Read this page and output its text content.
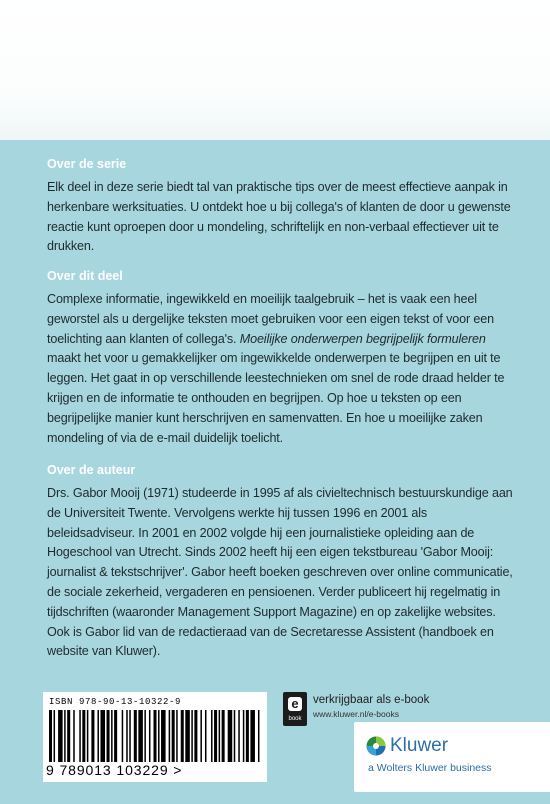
Over de serie

Elk deel in deze serie biedt tal van praktische tips over de meest effectieve aanpak in herkenbare werksituaties. U ontdekt hoe u bij collega's of klanten de door u gewenste reactie kunt oproepen door u mondeling, schriftelijk en non-verbaal effectiever uit te drukken.

Over dit deel

Complexe informatie, ingewikkeld en moeilijk taalgebruik – het is vaak een heel geworstel als u dergelijke teksten moet gebruiken voor een eigen tekst of voor een toelichting aan klanten of collega's. Moeilijke onderwerpen begrijpelijk formuleren maakt het voor u gemakkelijker om ingewikkelde onderwerpen te begrijpen en uit te leggen. Het gaat in op verschillende leestechnieken om snel de rode draad helder te krijgen en de informatie te onthouden en begrijpen. Op hoe u teksten op een begrijpelijke manier kunt herschrijven en samenvatten. En hoe u moeilijke zaken mondeling of via de e-mail duidelijk toelicht.

Over de auteur

Drs. Gabor Mooij (1971) studeerde in 1995 af als civieltechnisch bestuurskundige aan de Universiteit Twente. Vervolgens werkte hij tussen 1996 en 2001 als beleidsadviseur. In 2001 en 2002 volgde hij een journalistieke opleiding aan de Hogeschool van Utrecht. Sinds 2002 heeft hij een eigen tekstbureau 'Gabor Mooij: journalist & tekstschrijver'. Gabor heeft boeken geschreven over online communicatie, de sociale zekerheid, vergaderen en pensioenen. Verder publiceert hij regelmatig in tijdschriften (waaronder Management Support Magazine) en op zakelijke websites. Ook is Gabor lid van de redactieraad van de Secretaresse Assistent (handboek en website van Kluwer).

ISBN 978-90-13-10322-9
9 789013 103229 >
e
book
verkrijgbaar als e-book
www.kluwer.nl/e-books
Kluwer
a Wolters Kluwer business
